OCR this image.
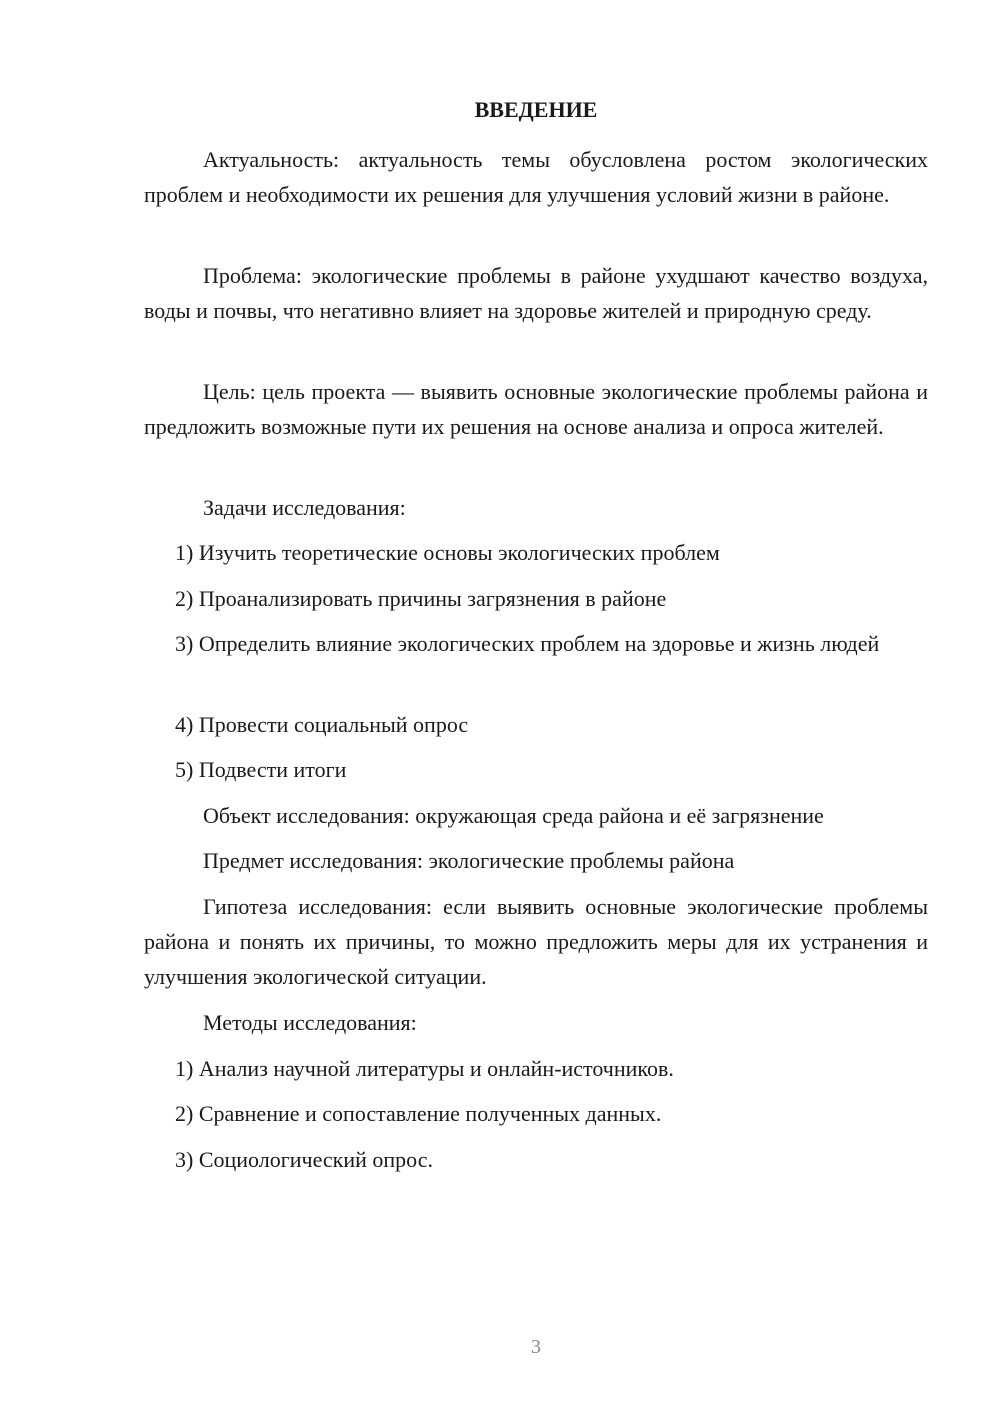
ВВЕДЕНИЕ

Актуальность: актуальность темы обусловлена ростом экологических проблем и необходимости их решения для улучшения условий жизни в районе.

Проблема: экологические проблемы в районе ухудшают качество воздуха, воды и почвы, что негативно влияет на здоровье жителей и природную среду.

Цель: цель проекта — выявить основные экологические проблемы района и предложить возможные пути их решения на основе анализа и опроса жителей.

Задачи исследования:

1) Изучить теоретические основы экологических проблем

2) Проанализировать причины загрязнения в районе

3) Определить влияние экологических проблем на здоровье и жизнь людей

4) Провести социальный опрос

5) Подвести итоги

Объект исследования: окружающая среда района и её загрязнение

Предмет исследования: экологические проблемы района

Гипотеза исследования: если выявить основные экологические проблемы района и понять их причины, то можно предложить меры для их устранения и улучшения экологической ситуации.

Методы исследования:

1) Анализ научной литературы и онлайн-источников.

2) Сравнение и сопоставление полученных данных.

3) Социологический опрос.

3
